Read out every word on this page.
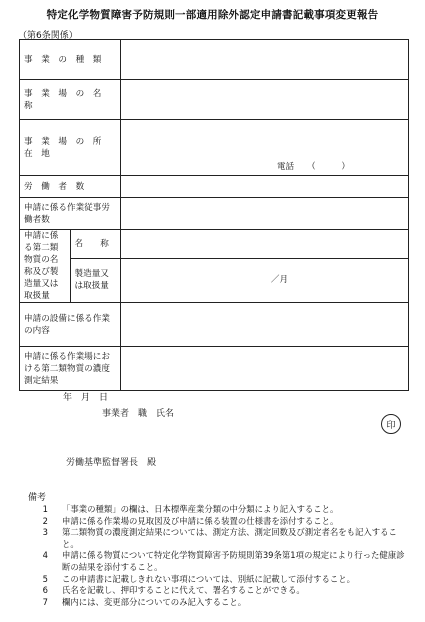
特定化学物質障害予防規則一部適用除外認定申請書記載事項変更報告
（第6条関係）
事　業　の　種　類		
事　業　場　の　名　称		
事　業　場　の　所　在　地		電話　　（　　　）

労　働　者　数		
申請に係る作業従事労働者数		
申請に係る第二類物質の名称及び製造量又は取扱量	名　　称	
	製造量又は取扱量	／月

申請の設備に係る作業の内容		
申請に係る作業場における第二類物質の濃度測定結果		
年　月　日
事業者　職　氏名
印
労働基準監督署長　殿
備考
1	「事業の種類」の欄は、日本標準産業分類の中分類により記入すること。
2	申請に係る作業場の見取図及び申請に係る装置の仕様書を添付すること。
3	第二類物質の濃度測定結果については、測定方法、測定回数及び測定者名をも記入すること。
4	申請に係る物質について特定化学物質障害予防規則第39条第1項の規定により行った健康診断の結果を添付すること。
5	この申請書に記載しきれない事項については、別紙に記載して添付すること。
6	氏名を記載し、押印することに代えて、署名することができる。
7	欄内には、変更部分についてのみ記入すること。
